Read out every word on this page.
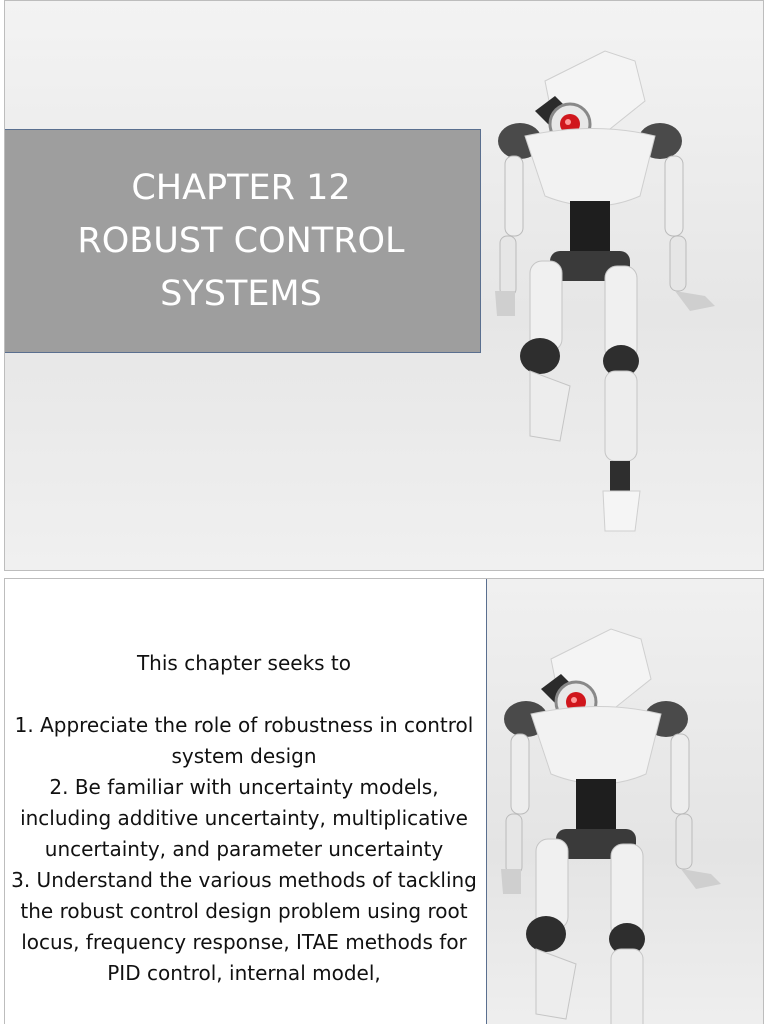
CHAPTER 12
ROBUST CONTROL
SYSTEMS
This chapter seeks to
1. Appreciate the role of robustness in control system design
2. Be familiar with uncertainty models, including additive uncertainty, multiplicative uncertainty, and parameter uncertainty
3. Understand the various methods of tackling the robust control design problem using root locus, frequency response, ITAE methods for PID control, internal model,
